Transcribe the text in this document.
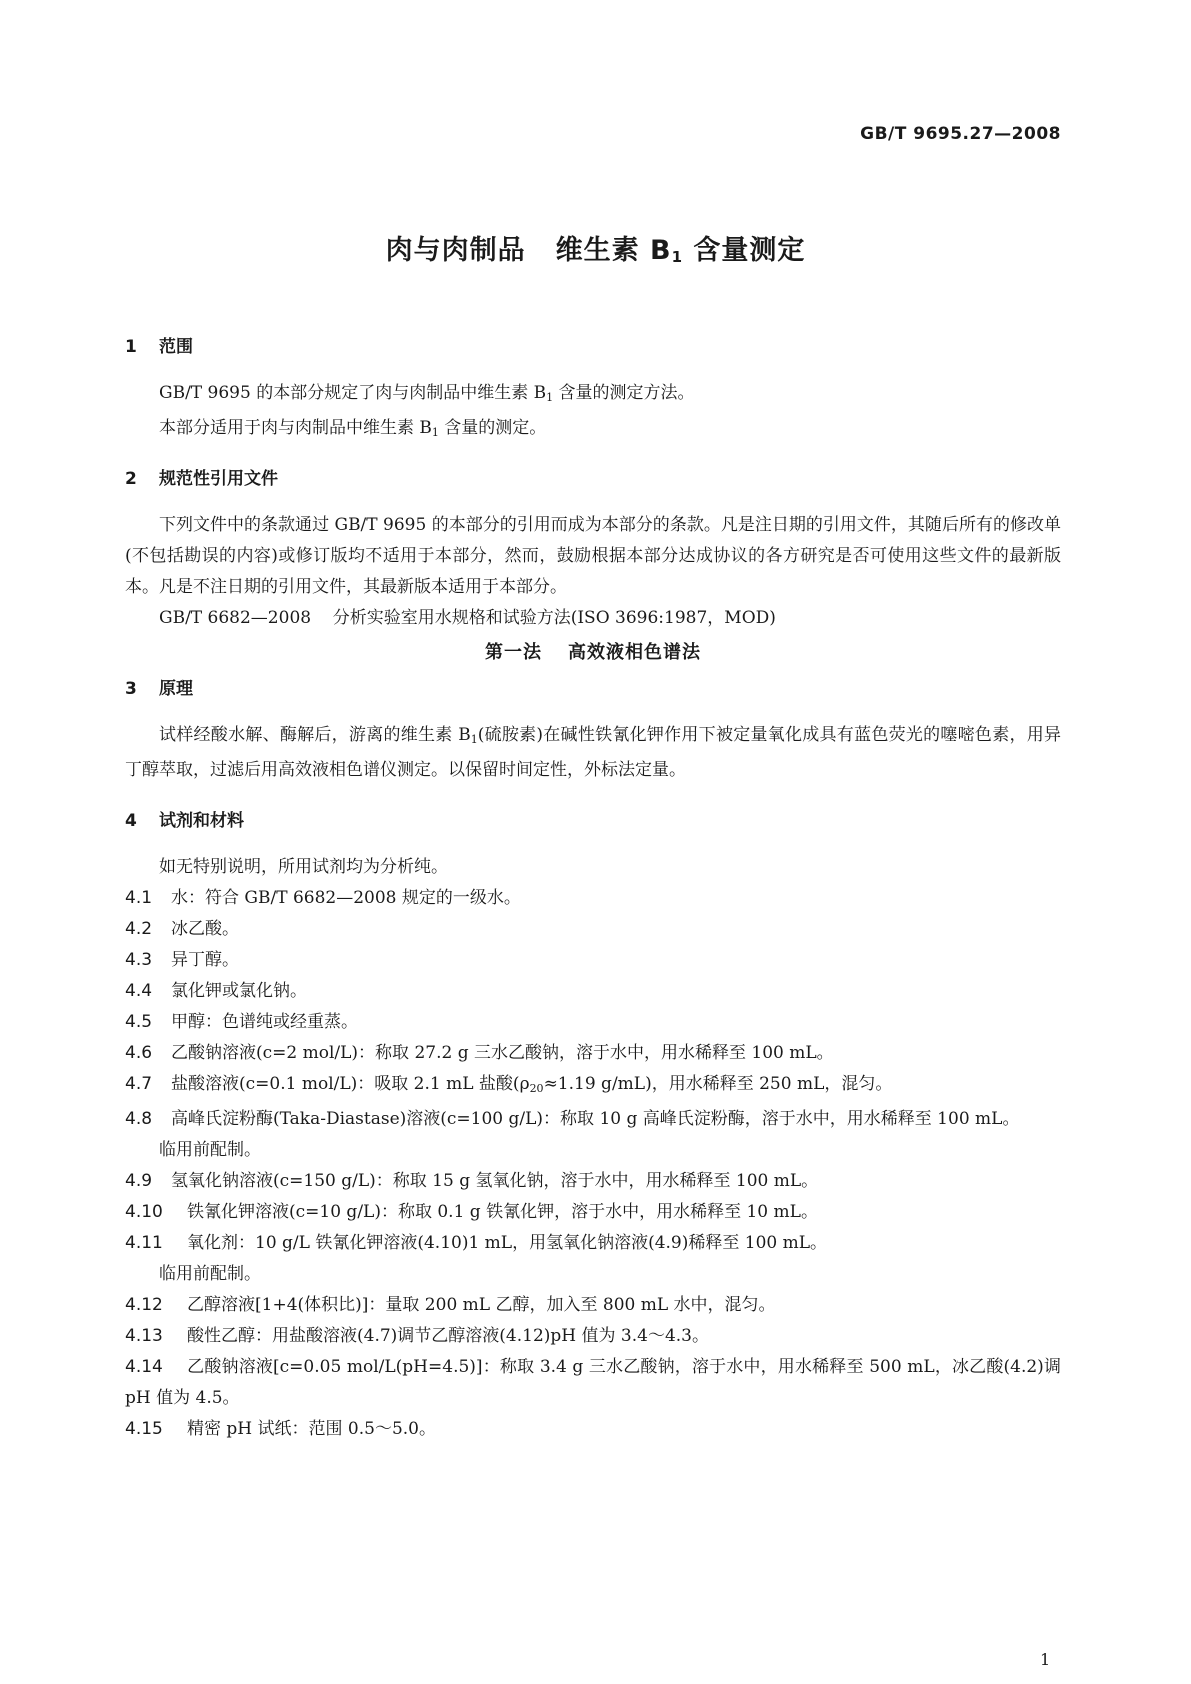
GB/T 9695.27—2008
肉与肉制品 维生素 $B_1$ 含量测定
1 范围

GB/T 9695 的本部分规定了肉与肉制品中维生素 $B_1$ 含量的测定方法。

本部分适用于肉与肉制品中维生素 $B_1$ 含量的测定。

2 规范性引用文件

下列文件中的条款通过 GB/T 9695 的本部分的引用而成为本部分的条款。凡是注日期的引用文件，其随后所有的修改单(不包括勘误的内容)或修订版均不适用于本部分，然而，鼓励根据本部分达成协议的各方研究是否可使用这些文件的最新版本。凡是不注日期的引用文件，其最新版本适用于本部分。

GB/T 6682—2008 分析实验室用水规格和试验方法(ISO 3696:1987，MOD)

第一法 高效液相色谱法
3 原理

试样经酸水解、酶解后，游离的维生素 $B_1$(硫胺素)在碱性铁氰化钾作用下被定量氧化成具有蓝色荧光的噻嘧色素，用异丁醇萃取，过滤后用高效液相色谱仪测定。以保留时间定性，外标法定量。

4 试剂和材料

如无特别说明，所用试剂均为分析纯。

4.1 水：符合 GB/T 6682—2008 规定的一级水。

4.2 冰乙酸。

4.3 异丁醇。

4.4 氯化钾或氯化钠。

4.5 甲醇：色谱纯或经重蒸。

4.6 乙酸钠溶液(c=2 mol/L)：称取 27.2 g 三水乙酸钠，溶于水中，用水稀释至 100 mL。

4.7 盐酸溶液(c=0.1 mol/L)：吸取 2.1 mL 盐酸($\rho_{20}\approx 1.19$ g/mL)，用水稀释至 250 mL，混匀。

4.8 高峰氏淀粉酶(Taka-Diastase)溶液(c=100 g/L)：称取 10 g 高峰氏淀粉酶，溶于水中，用水稀释至 100 mL。

临用前配制。

4.9 氢氧化钠溶液(c=150 g/L)：称取 15 g 氢氧化钠，溶于水中，用水稀释至 100 mL。

4.10 铁氰化钾溶液(c=10 g/L)：称取 0.1 g 铁氰化钾，溶于水中，用水稀释至 10 mL。

4.11 氧化剂：10 g/L 铁氰化钾溶液(4.10)1 mL，用氢氧化钠溶液(4.9)稀释至 100 mL。

临用前配制。

4.12 乙醇溶液[1+4(体积比)]：量取 200 mL 乙醇，加入至 800 mL 水中，混匀。

4.13 酸性乙醇：用盐酸溶液(4.7)调节乙醇溶液(4.12)pH 值为 3.4～4.3。

4.14 乙酸钠溶液[c=0.05 mol/L(pH=4.5)]：称取 3.4 g 三水乙酸钠，溶于水中，用水稀释至 500 mL，冰乙酸(4.2)调 pH 值为 4.5。

4.15 精密 pH 试纸：范围 0.5～5.0。

1
